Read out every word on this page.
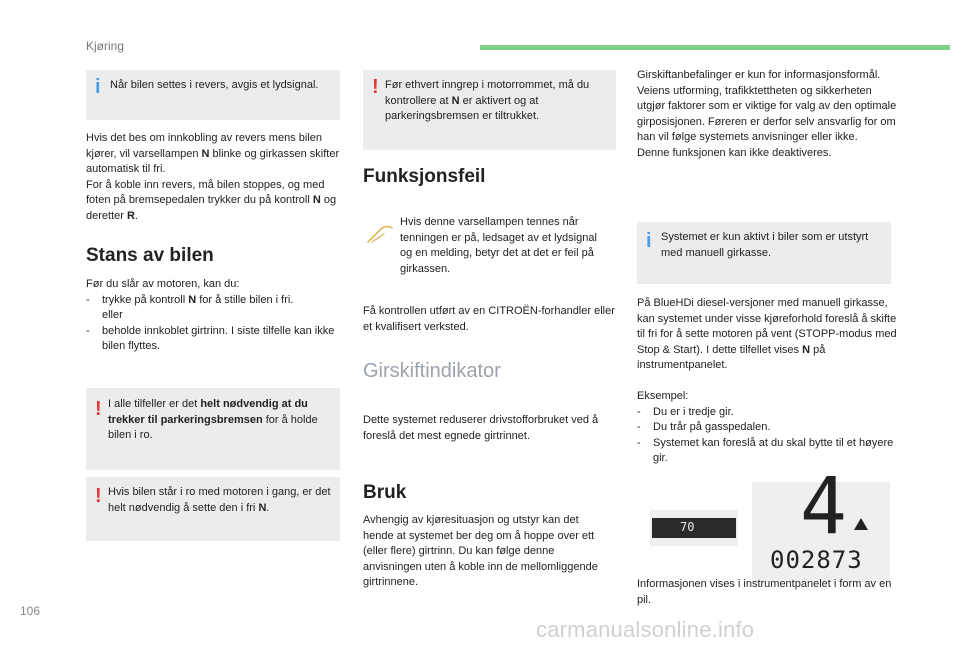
Kjøring
i Når bilen settes i revers, avgis et lydsignal.
Hvis det bes om innkobling av revers mens bilen kjører, vil varsellampen N blinke og girkassen skifter automatisk til fri.
For å koble inn revers, må bilen stoppes, og med foten på bremsepedalen trykker du på kontroll N og deretter R.
Stans av bilen
Før du slår av motoren, kan du:
- trykke på kontroll N for å stille bilen i fri.
eller
- beholde innkoblet girtrinn. I siste tilfelle kan ikke bilen flyttes.
! I alle tilfeller er det helt nødvendig at du trekker til parkeringsbremsen for å holde bilen i ro.
! Hvis bilen står i ro med motoren i gang, er det helt nødvendig å sette den i fri N.
! Før ethvert inngrep i motorrommet, må du kontrollere at N er aktivert og at parkeringsbremsen er tiltrukket.
Funksjonsfeil
Hvis denne varsellampen tennes når tenningen er på, ledsaget av et lydsignal og en melding, betyr det at det er feil på girkassen.
Få kontrollen utført av en CITROËN-forhandler eller et kvalifisert verksted.
Girskiftindikator
Dette systemet reduserer drivstofforbruket ved å foreslå det mest egnede girtrinnet.
Bruk
Avhengig av kjøresituasjon og utstyr kan det hende at systemet ber deg om å hoppe over ett (eller flere) girtrinn. Du kan følge denne anvisningen uten å koble inn de mellomliggende girtrinnene.
Girskiftanbefalinger er kun for informasjonsformål. Veiens utforming, trafikktettheten og sikkerheten utgjør faktorer som er viktige for valg av den optimale girposisjonen. Føreren er derfor selv ansvarlig for om han vil følge systemets anvisninger eller ikke.
Denne funksjonen kan ikke deaktiveres.
i Systemet er kun aktivt i biler som er utstyrt med manuell girkasse.
På BlueHDi diesel-versjoner med manuell girkasse, kan systemet under visse kjøreforhold foreslå å skifte til fri for å sette motoren på vent (STOPP-modus med Stop & Start). I dette tilfellet vises N på instrumentpanelet.
Eksempel:
- Du er i tredje gir.
- Du trår på gasspedalen.
- Systemet kan foreslå at du skal bytte til et høyere gir.
70 4
002873
Informasjonen vises i instrumentpanelet i form av en pil.
106
carmanualsonline.info
